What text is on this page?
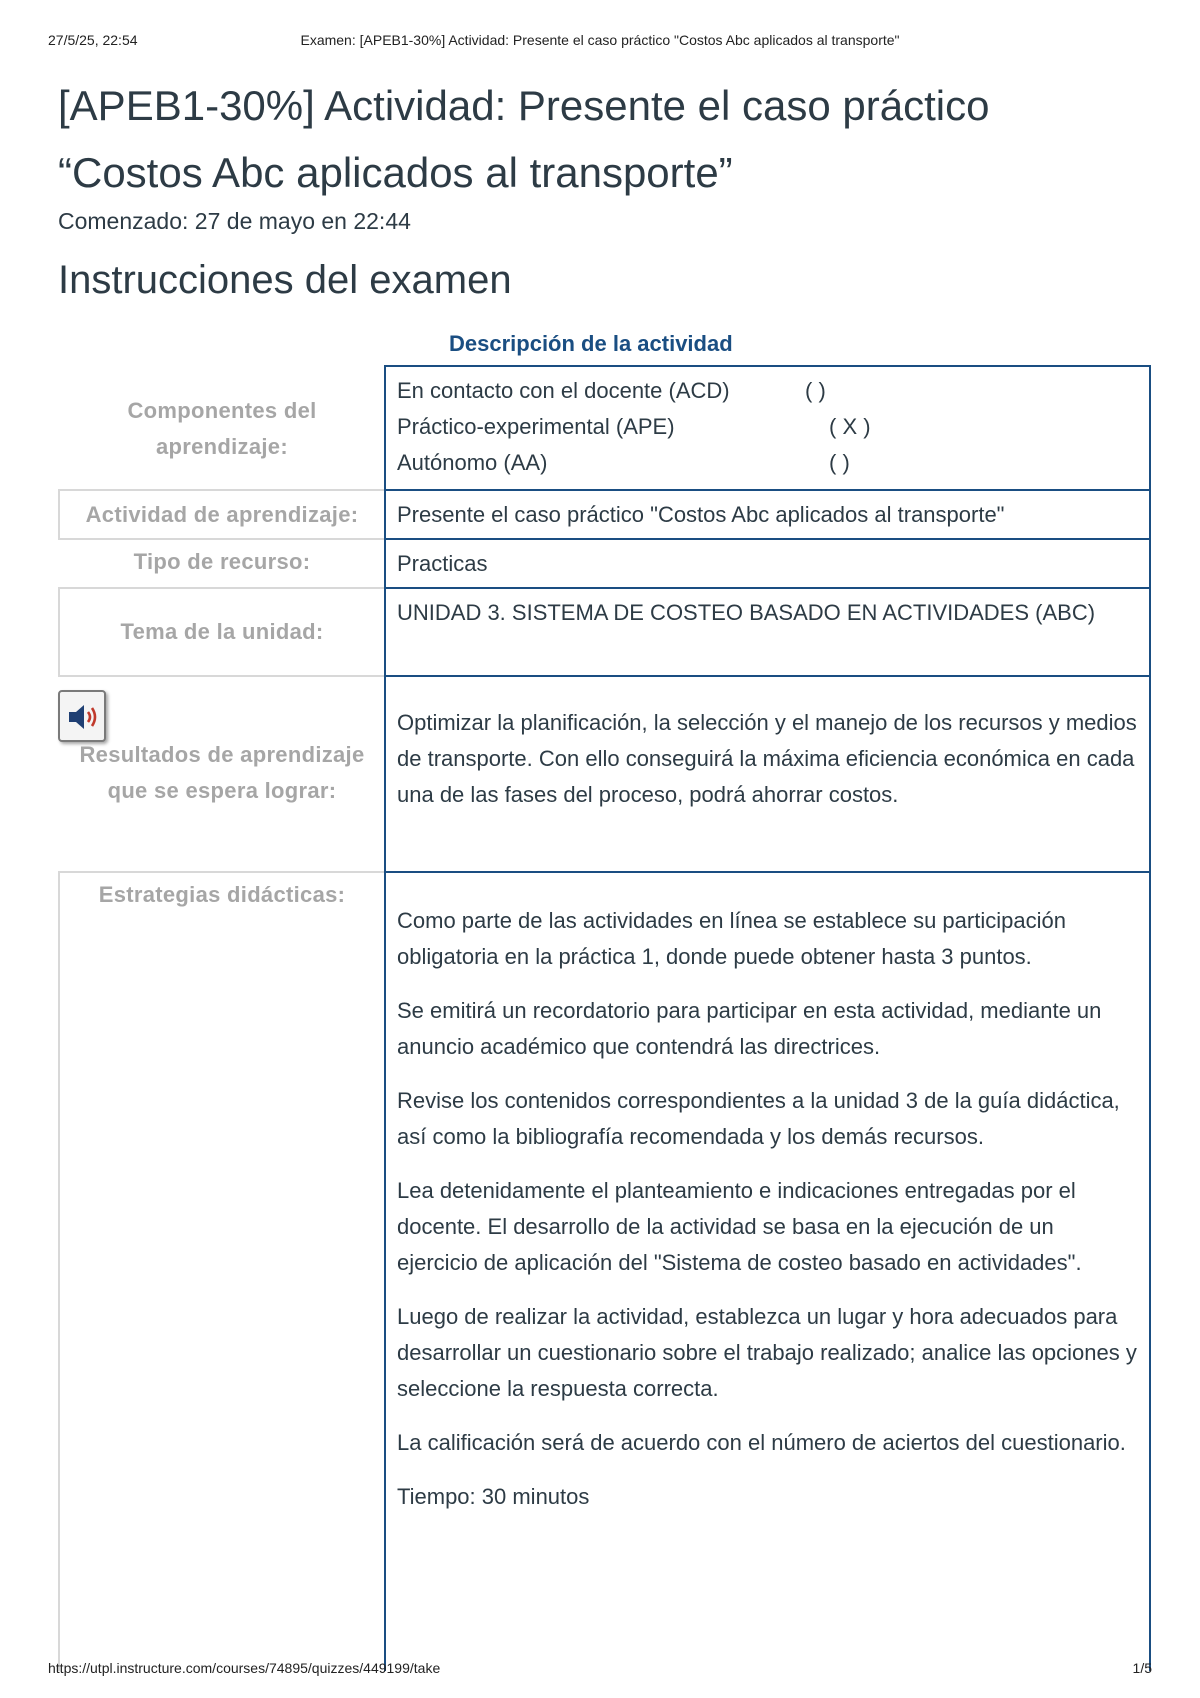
27/5/25, 22:54	Examen: [APEB1-30%] Actividad: Presente el caso práctico "Costos Abc aplicados al transporte"
[APEB1-30%] Actividad: Presente el caso práctico
“Costos Abc aplicados al transporte”
Comenzado: 27 de mayo en 22:44
Instrucciones del examen
Descripción de la actividad
Componentes del
aprendizaje:
En contacto con el docente (ACD)	( )
Práctico-experimental (APE)	( X )
Autónomo (AA)	( )
Actividad de aprendizaje:	Presente el caso práctico "Costos Abc aplicados al transporte"
Tipo de recurso:	Practicas
Tema de la unidad:
UNIDAD 3. SISTEMA DE COSTEO BASADO EN ACTIVIDADES (ABC)
Resultados de aprendizaje
que se espera lograr:
Optimizar la planificación, la selección y el manejo de los recursos y medios de transporte. Con ello conseguirá la máxima eficiencia económica en cada una de las fases del proceso, podrá ahorrar costos.
Estrategias didácticas:

Como parte de las actividades en línea se establece su participación obligatoria en la práctica 1, donde puede obtener hasta 3 puntos.

Se emitirá un recordatorio para participar en esta actividad, mediante un anuncio académico que contendrá las directrices.

Revise los contenidos correspondientes a la unidad 3 de la guía didáctica, así como la bibliografía recomendada y los demás recursos.

Lea detenidamente el planteamiento e indicaciones entregadas por el docente. El desarrollo de la actividad se basa en la ejecución de un ejercicio de aplicación del "Sistema de costeo basado en actividades".

Luego de realizar la actividad, establezca un lugar y hora adecuados para desarrollar un cuestionario sobre el trabajo realizado; analice las opciones y seleccione la respuesta correcta.

La calificación será de acuerdo con el número de aciertos del cuestionario.

Tiempo: 30 minutos

https://utpl.instructure.com/courses/74895/quizzes/449199/take	1/5
